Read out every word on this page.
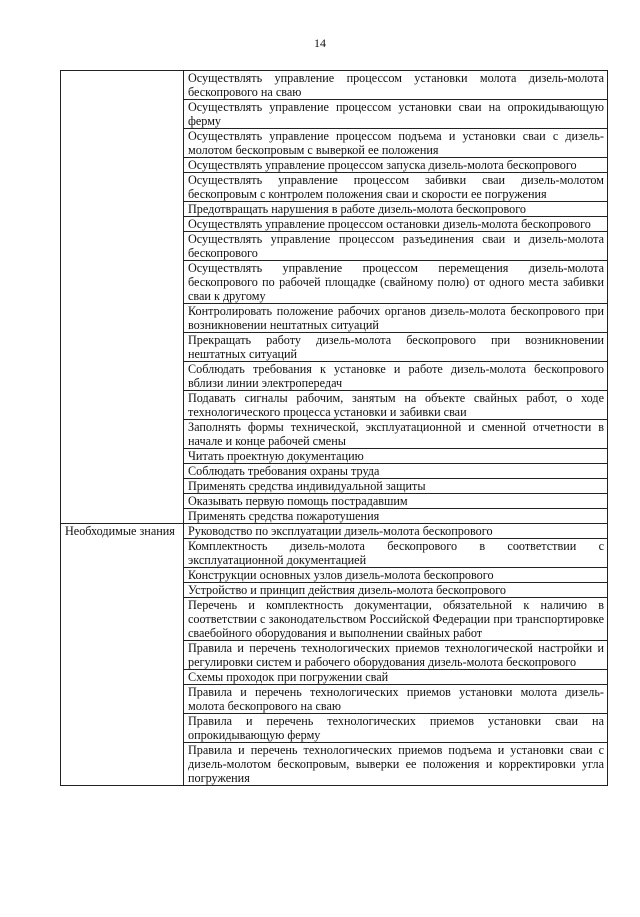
14
	Осуществлять управление процессом установки молота дизель-молота бескопрового на сваю
	Осуществлять управление процессом установки сваи на опрокидывающую ферму
	Осуществлять управление процессом подъема и установки сваи с дизель-молотом бескопровым с выверкой ее положения
	Осуществлять управление процессом запуска дизель-молота бескопрового
	Осуществлять управление процессом забивки сваи дизель-молотом бескопровым с контролем положения сваи и скорости ее погружения
	Предотвращать нарушения в работе дизель-молота бескопрового
	Осуществлять управление процессом остановки дизель-молота бескопрового
	Осуществлять управление процессом разъединения сваи и дизель-молота бескопрового
	Осуществлять управление процессом перемещения дизель-молота бескопрового по рабочей площадке (свайному полю) от одного места забивки сваи к другому
	Контролировать положение рабочих органов дизель-молота бескопрового при возникновении нештатных ситуаций
	Прекращать работу дизель-молота бескопрового при возникновении нештатных ситуаций
	Соблюдать требования к установке и работе дизель-молота бескопрового вблизи линии электропередач
	Подавать сигналы рабочим, занятым на объекте свайных работ, о ходе технологического процесса установки и забивки сваи
	Заполнять формы технической, эксплуатационной и сменной отчетности в начале и конце рабочей смены
	Читать проектную документацию
	Соблюдать требования охраны труда
	Применять средства индивидуальной защиты
	Оказывать первую помощь пострадавшим
	Применять средства пожаротушения
Необходимые знания	Руководство по эксплуатации дизель-молота бескопрового
	Комплектность дизель-молота бескопрового в соответствии с эксплуатационной документацией
	Конструкции основных узлов дизель-молота бескопрового
	Устройство и принцип действия дизель-молота бескопрового
	Перечень и комплектность документации, обязательной к наличию в соответствии с законодательством Российской Федерации при транспортировке сваебойного оборудования и выполнении свайных работ
	Правила и перечень технологических приемов технологической настройки и регулировки систем и рабочего оборудования дизель-молота бескопрового
	Схемы проходок при погружении свай
	Правила и перечень технологических приемов установки молота дизель-молота бескопрового на сваю
	Правила и перечень технологических приемов установки сваи на опрокидывающую ферму
	Правила и перечень технологических приемов подъема и установки сваи с дизель-молотом бескопровым, выверки ее положения и корректировки угла погружения
